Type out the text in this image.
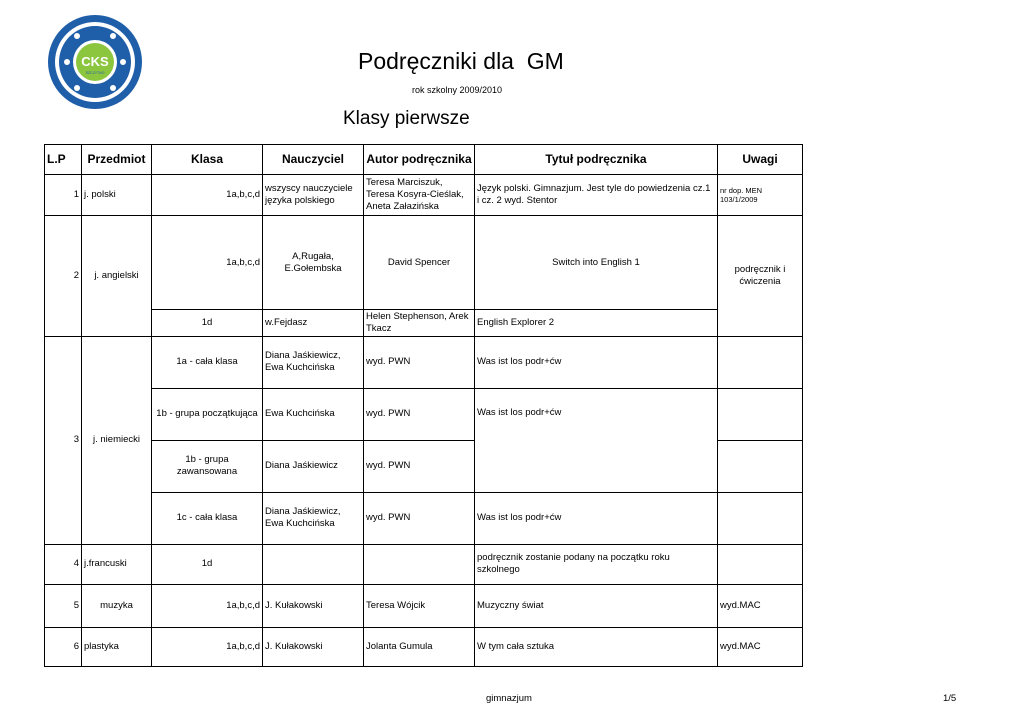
CKS
SZCZYTNO	Podręczniki dla  GM
rok szkolny 2009/2010
Klasy pierwsze
L.P	Przedmiot	Klasa	Nauczyciel	Autor podręcznika	Tytuł podręcznika	Uwagi
1	j. polski	1a,b,c,d	wszyscy nauczyciele języka polskiego	Teresa Marciszuk, Teresa Kosyra-Cieślak, Aneta Załazińska	Język polski. Gimnazjum. Jest tyle do powiedzenia cz.1 i cz. 2 wyd. Stentor	nr dop. MEN 103/1/2009
2	j. angielski	1a,b,c,d	A,Rugała, E.Gołembska	David Spencer	Switch into English 1	podręcznik i ćwiczenia
		1d	w.Fejdasz	Helen Stephenson, Arek Tkacz	English Explorer 2	
3	j. niemiecki	1a - cała klasa	Diana Jaśkiewicz, Ewa Kuchcińska	wyd. PWN	Was ist los podr+ćw	
		1b - grupa początkująca	Ewa Kuchcińska	wyd. PWN	Was ist los podr+ćw	
		1b - grupa zawansowana	Diana Jaśkiewicz	wyd. PWN		
		1c - cała klasa	Diana Jaśkiewicz, Ewa Kuchcińska	wyd. PWN	Was ist los podr+ćw	
4	j.francuski	1d			podręcznik zostanie podany na początku roku szkolnego	
5	muzyka	1a,b,c,d	J. Kułakowski	Teresa Wójcik	Muzyczny świat	wyd.MAC
6	plastyka	1a,b,c,d	J. Kułakowski	Jolanta Gumula	W tym cała sztuka	wyd.MAC
gimnazjum	1/5
